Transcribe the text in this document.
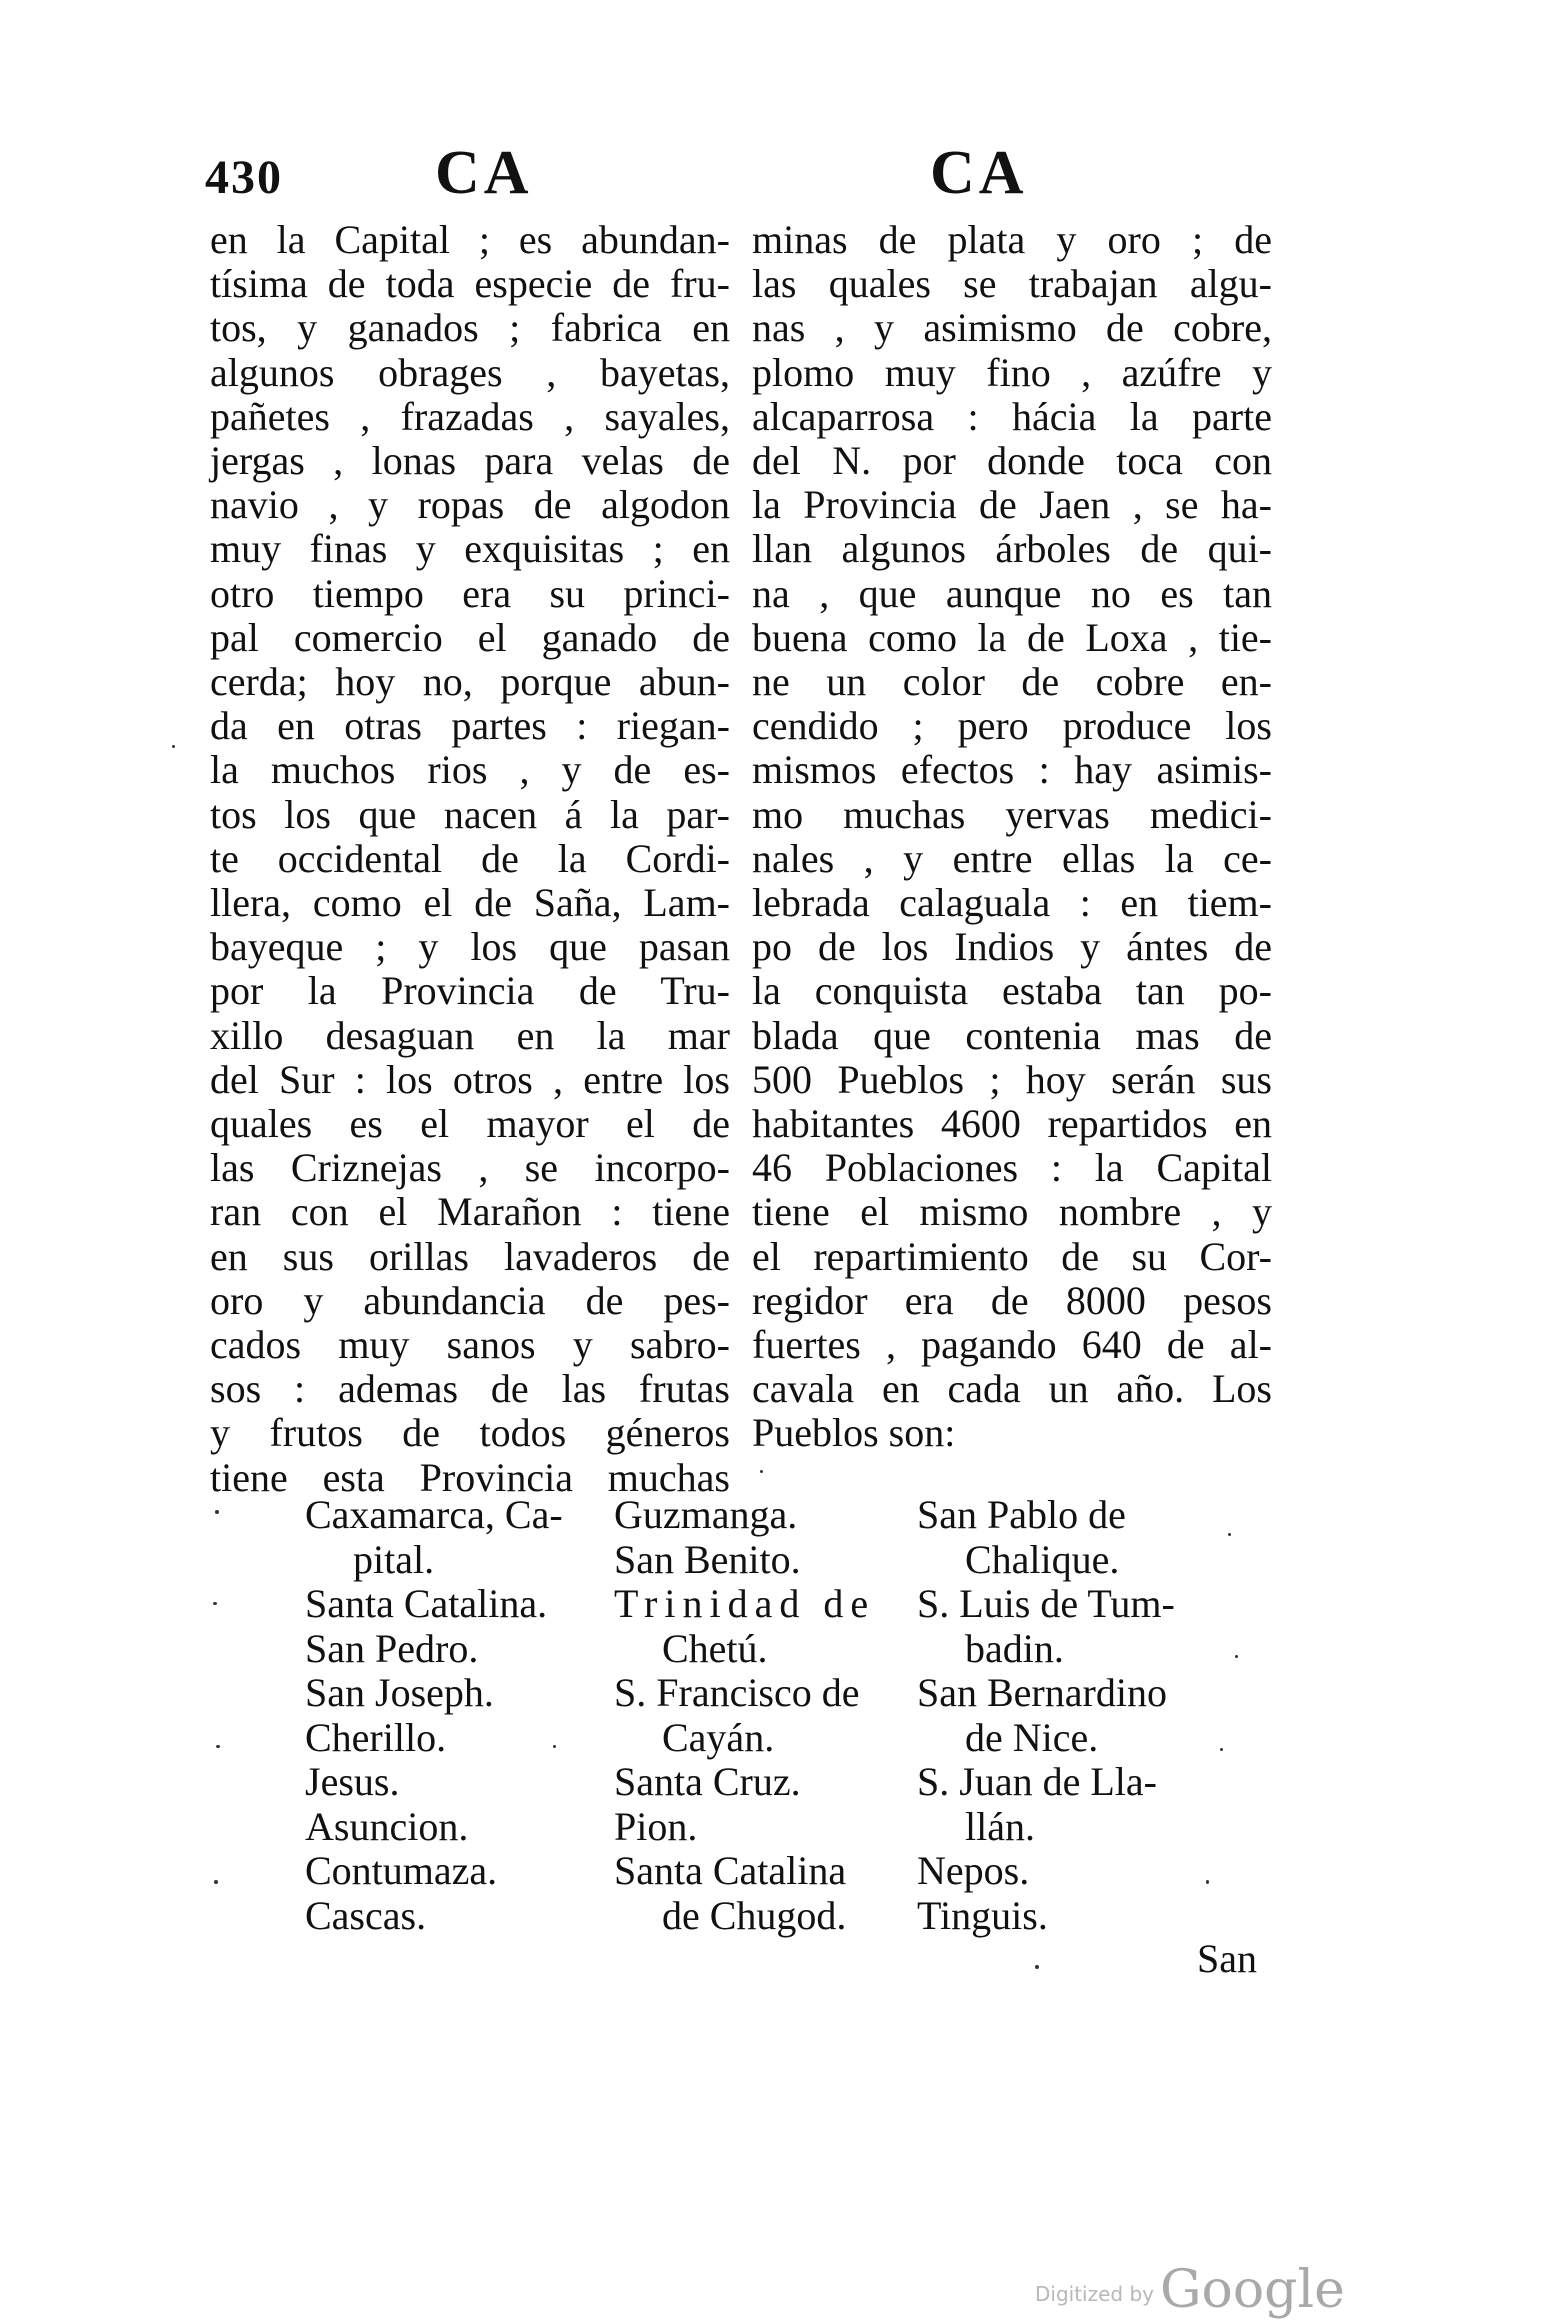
430 CA	CA
en la Capital ; es abundan-
tísima de toda especie de fru-
tos, y ganados ; fabrica en
algunos obrages , bayetas,
pañetes , frazadas , sayales,
jergas , lonas para velas de
navio , y ropas de algodon
muy finas y exquisitas ; en
otro tiempo era su princi-
pal comercio el ganado de
cerda; hoy no, porque abun-
da en otras partes : riegan-
la muchos rios , y de es-
tos los que nacen á la par-
te occidental de la Cordi-
llera, como el de Saña, Lam-
bayeque ; y los que pasan
por la Provincia de Tru-
xillo desaguan en la mar
del Sur : los otros , entre los
quales es el mayor el de
las Criznejas , se incorpo-
ran con el Marañon : tiene
en sus orillas lavaderos de
oro y abundancia de pes-
cados muy sanos y sabro-
sos : ademas de las frutas
y frutos de todos géneros
tiene esta Provincia muchas
minas de plata y oro ; de
las quales se trabajan algu-
nas , y asimismo de cobre,
plomo muy fino , azúfre y
alcaparrosa : hácia la parte
del N. por donde toca con
la Provincia de Jaen , se ha-
llan algunos árboles de qui-
na , que aunque no es tan
buena como la de Loxa , tie-
ne un color de cobre en-
cendido ; pero produce los
mismos efectos : hay asimis-
mo muchas yervas medici-
nales , y entre ellas la ce-
lebrada calaguala : en tiem-
po de los Indios y ántes de
la conquista estaba tan po-
blada que contenia mas de
500 Pueblos ; hoy serán sus
habitantes 4600 repartidos en
46 Poblaciones : la Capital
tiene el mismo nombre , y
el repartimiento de su Cor-
regidor era de 8000 pesos
fuertes , pagando 640 de al-
cavala en cada un año. Los
Pueblos son:
Caxamarca, Ca-
pital.
Santa Catalina.
San Pedro.
San Joseph.
Cherillo.
Jesus.
Asuncion.
Contumaza.
Cascas.
Guzmanga.
San Benito.
Trinidad de
Chetú.
S. Francisco de
Cayán.
Santa Cruz.
Pion.
Santa Catalina
de Chugod.
San Pablo de
Chalique.
S. Luis de Tum-
badin.
San Bernardino
de Nice.
S. Juan de Lla-
llán.
Nepos.
Tinguis.
San
Digitized by Google
